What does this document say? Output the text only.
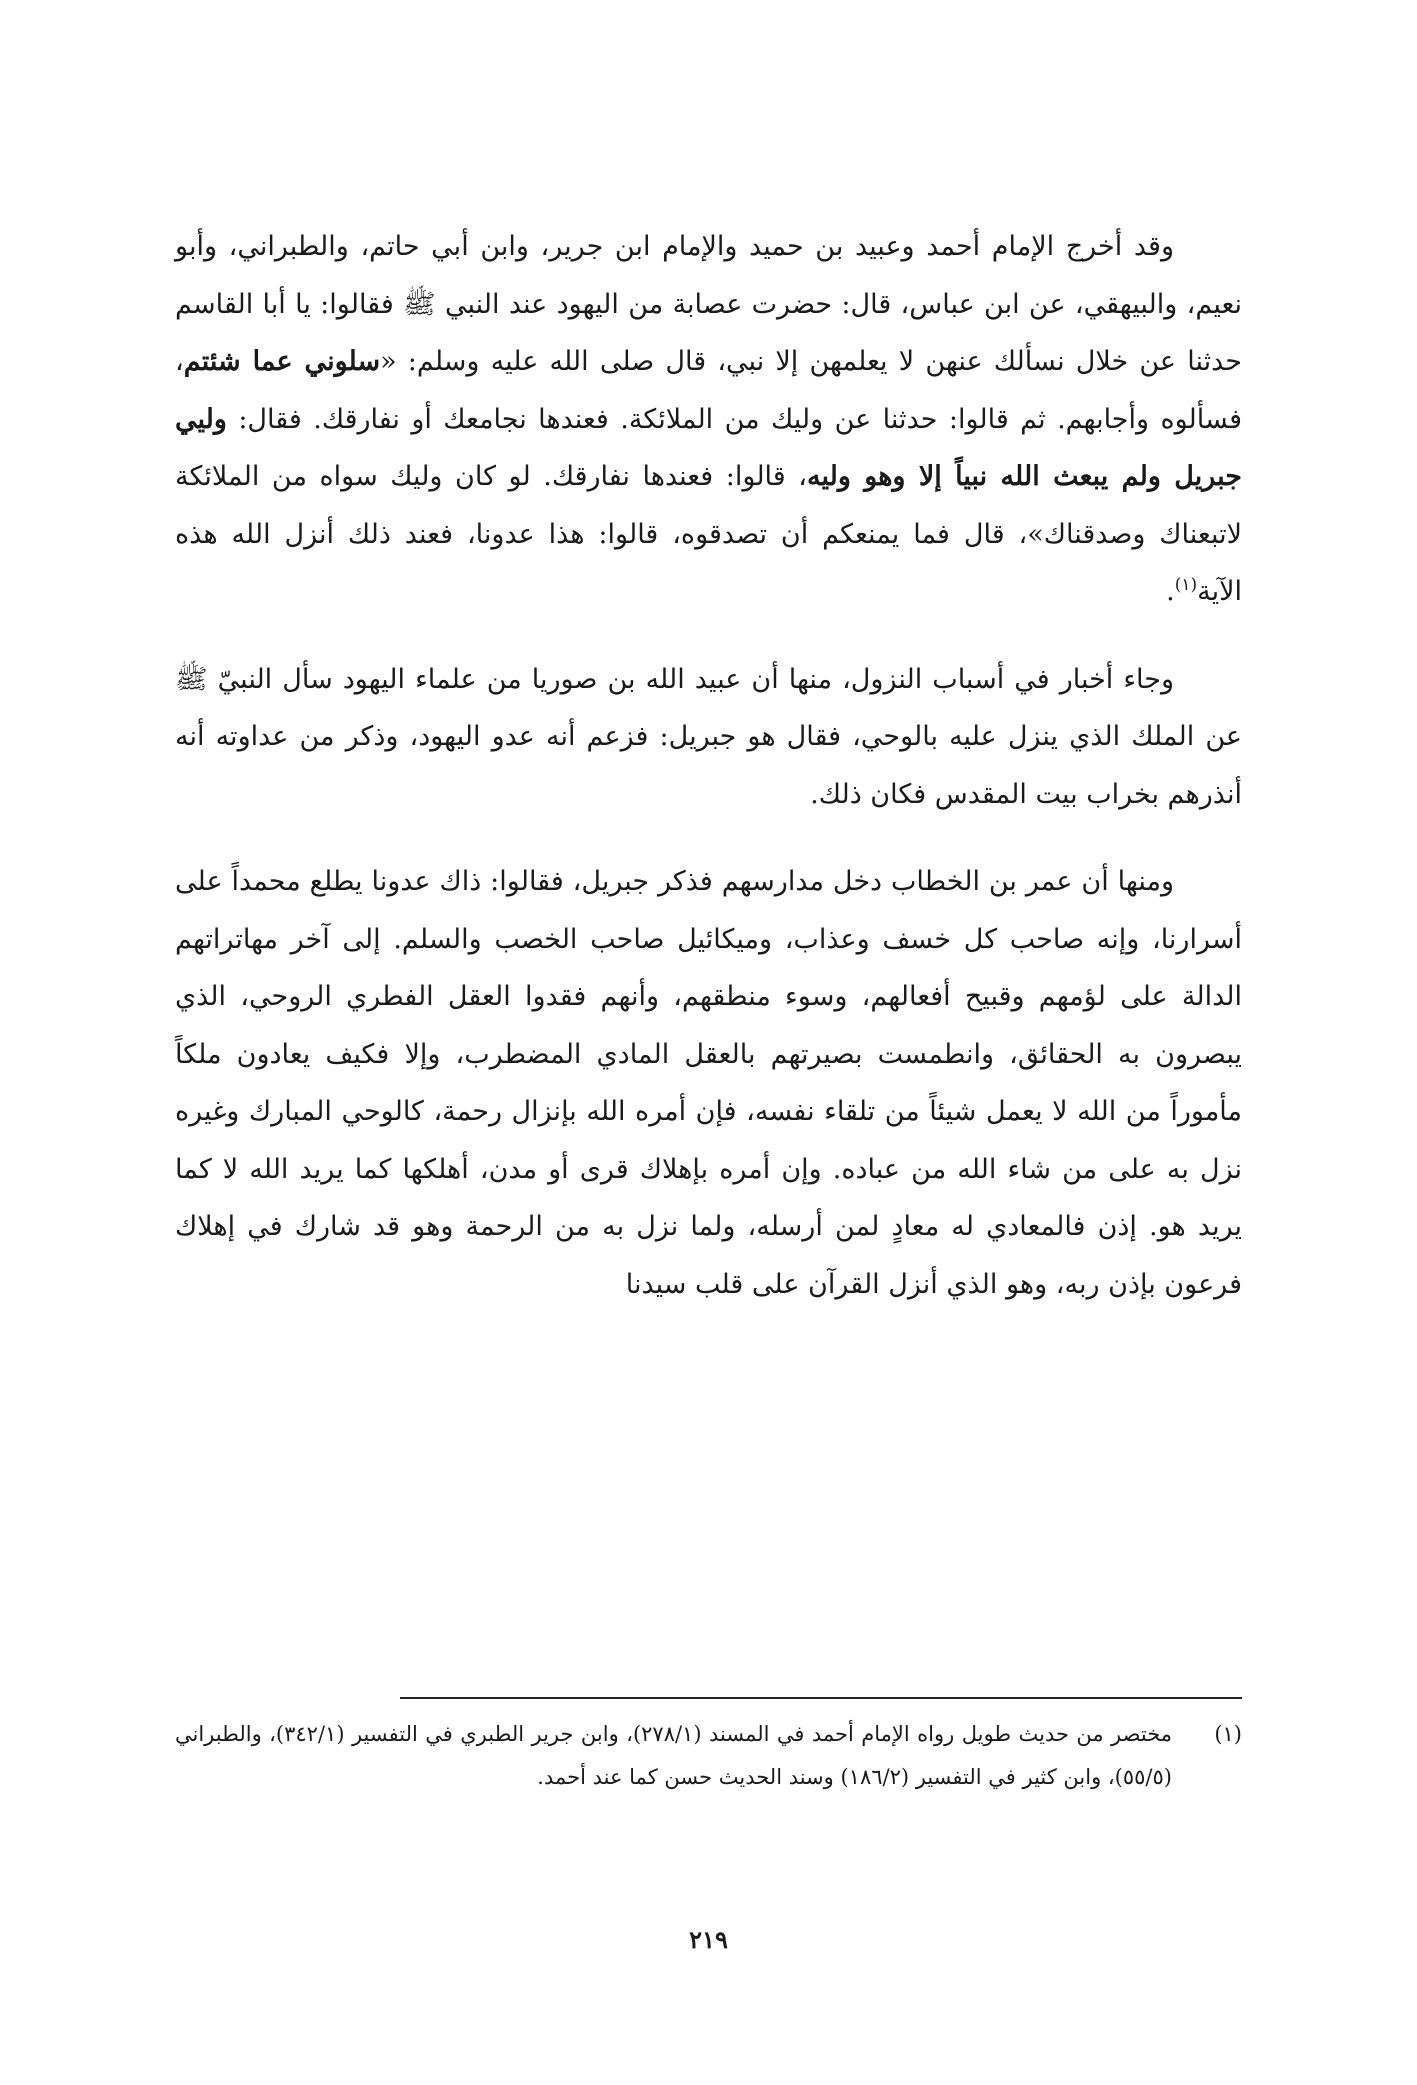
وقد أخرج الإمام أحمد وعبيد بن حميد والإمام ابن جرير، وابن أبي حاتم، والطبراني، وأبو نعيم، والبيهقي، عن ابن عباس، قال: حضرت عصابة من اليهود عند النبي ﷺ فقالوا: يا أبا القاسم حدثنا عن خلال نسألك عنهن لا يعلمهن إلا نبي، قال صلى الله عليه وسلم: «سلوني عما شئتم، فسألوه وأجابهم. ثم قالوا: حدثنا عن وليك من الملائكة. فعندها نجامعك أو نفارقك. فقال: وليي جبريل ولم يبعث الله نبياً إلا وهو وليه، قالوا: فعندها نفارقك. لو كان وليك سواه من الملائكة لاتبعناك وصدقناك»، قال فما يمنعكم أن تصدقوه، قالوا: هذا عدونا، فعند ذلك أنزل الله هذه الآية$^{(١)}$.

وجاء أخبار في أسباب النزول، منها أن عبيد الله بن صوريا من علماء اليهود سأل النبيّ ﷺ عن الملك الذي ينزل عليه بالوحي، فقال هو جبريل: فزعم أنه عدو اليهود، وذكر من عداوته أنه أنذرهم بخراب بيت المقدس فكان ذلك.

ومنها أن عمر بن الخطاب دخل مدارسهم فذكر جبريل، فقالوا: ذاك عدونا يطلع محمداً على أسرارنا، وإنه صاحب كل خسف وعذاب، وميكائيل صاحب الخصب والسلم. إلى آخر مهاتراتهم الدالة على لؤمهم وقبيح أفعالهم، وسوء منطقهم، وأنهم فقدوا العقل الفطري الروحي، الذي يبصرون به الحقائق، وانطمست بصيرتهم بالعقل المادي المضطرب، وإلا فكيف يعادون ملكاً مأموراً من الله لا يعمل شيئاً من تلقاء نفسه، فإن أمره الله بإنزال رحمة، كالوحي المبارك وغيره نزل به على من شاء الله من عباده. وإن أمره بإهلاك قرى أو مدن، أهلكها كما يريد الله لا كما يريد هو. إذن فالمعادي له معادٍ لمن أرسله، ولما نزل به من الرحمة وهو قد شارك في إهلاك فرعون بإذن ربه، وهو الذي أنزل القرآن على قلب سيدنا

(١)
مختصر من حديث طويل رواه الإمام أحمد في المسند (٢٧٨/١)، وابن جرير الطبري في التفسير (٣٤٢/١)، والطبراني (٥٥/٥)، وابن كثير في التفسير (١٨٦/٢) وسند الحديث حسن كما عند أحمد.
٢١٩
